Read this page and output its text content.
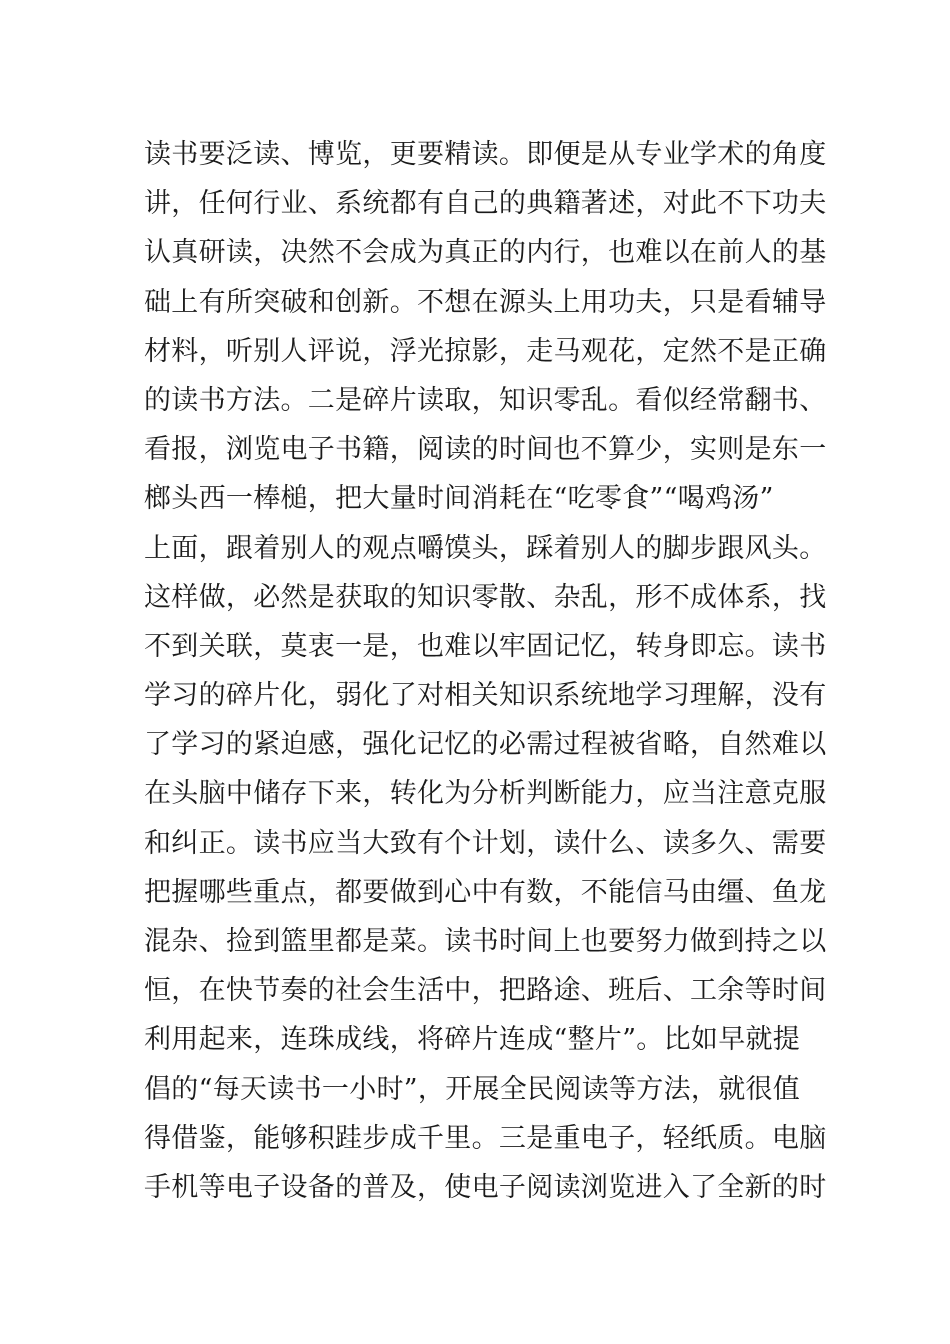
读书要泛读、博览，更要精读。即便是从专业学术的角度
讲，任何行业、系统都有自己的典籍著述，对此不下功夫
认真研读，决然不会成为真正的内行，也难以在前人的基
础上有所突破和创新。不想在源头上用功夫，只是看辅导
材料，听别人评说，浮光掠影，走马观花，定然不是正确
的读书方法。二是碎片读取，知识零乱。看似经常翻书、
看报，浏览电子书籍，阅读的时间也不算少，实则是东一
榔头西一棒槌，把大量时间消耗在“吃零食”“喝鸡汤”
上面，跟着别人的观点嚼馍头，踩着别人的脚步跟风头。
这样做，必然是获取的知识零散、杂乱，形不成体系，找
不到关联，莫衷一是，也难以牢固记忆，转身即忘。读书
学习的碎片化，弱化了对相关知识系统地学习理解，没有
了学习的紧迫感，强化记忆的必需过程被省略，自然难以
在头脑中储存下来，转化为分析判断能力，应当注意克服
和纠正。读书应当大致有个计划，读什么、读多久、需要
把握哪些重点，都要做到心中有数，不能信马由缰、鱼龙
混杂、捡到篮里都是菜。读书时间上也要努力做到持之以
恒，在快节奏的社会生活中，把路途、班后、工余等时间
利用起来，连珠成线，将碎片连成“整片”。比如早就提
倡的“每天读书一小时”，开展全民阅读等方法，就很值
得借鉴，能够积跬步成千里。三是重电子，轻纸质。电脑
手机等电子设备的普及，使电子阅读浏览进入了全新的时
